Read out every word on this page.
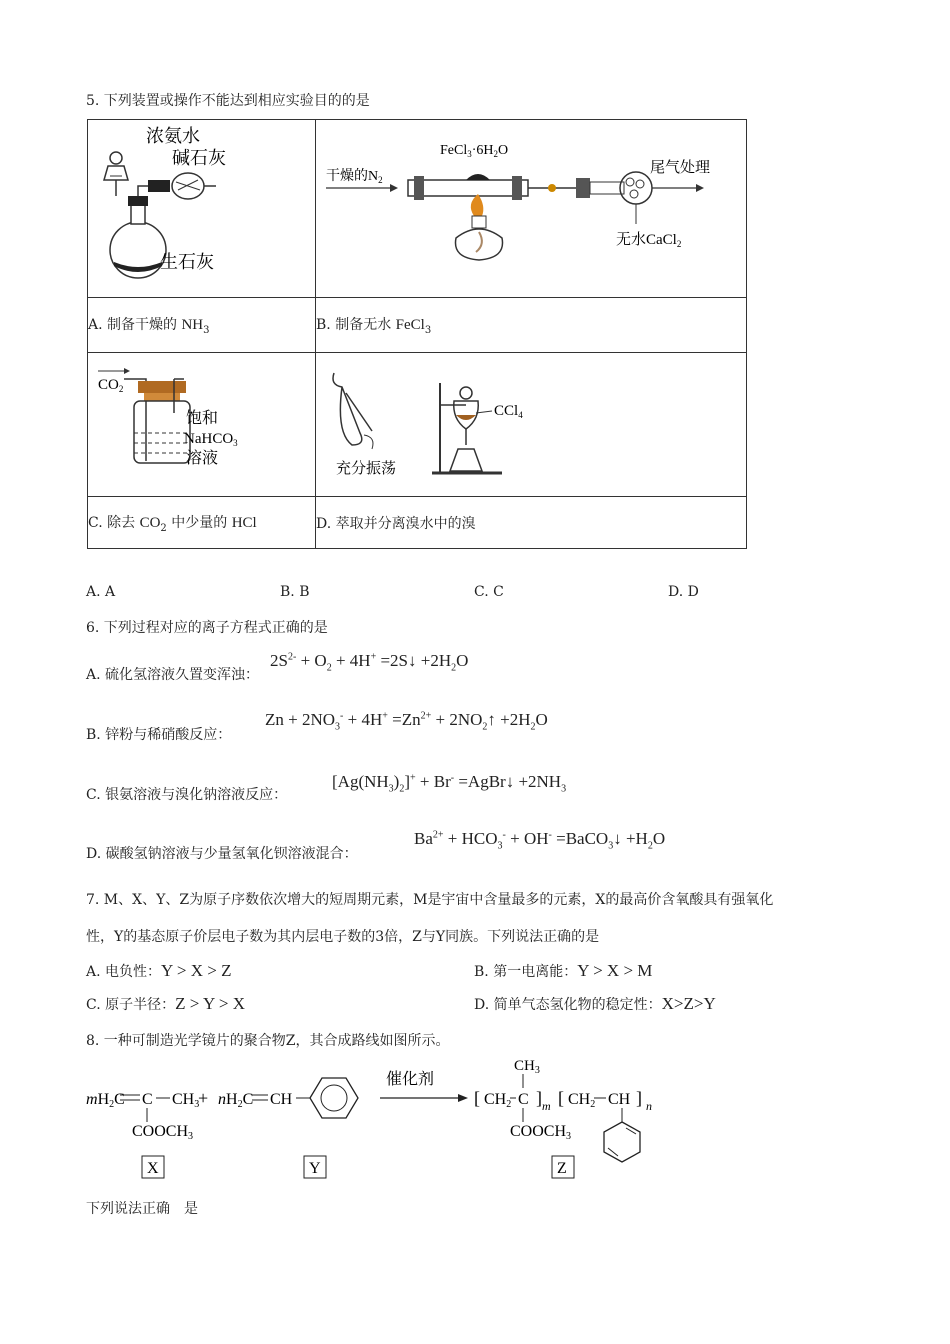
5. 下列装置或操作不能达到相应实验目的的是
浓氨水
碱石灰
生石灰	$FeCl_3\cdot 6H_2O$
干燥的$N_2$
尾气处理
无水CaCl$_2$

A. 制备干燥的 $NH_3$	B. 制备无水 FeCl$_3$

$CO_2$
饱和
NaHCO$_3$
溶液	充分振荡
CCl$_4$

C. 除去 $CO_2$ 中少量的 HCl	D. 萃取并分离溴水中的溴
A. A	B. B	C. C	D. D
6. 下列过程对应的离子方程式正确的是
A. 硫化氢溶液久置变浑浊：
$2S^{2-} + O_2 + 4H^+$ =2S↓ $+2H_2O$
B. 锌粉与稀硝酸反应：
$Zn + 2NO_3^- + 4H^+ =Zn^{2+}$ + $2NO_2↑ +2H_2O$
C. 银氨溶液与溴化钠溶液反应：
$[Ag(NH_3)_2]^+ + Br^-$ =AgBr↓ $+2NH_3$
D. 碳酸氢钠溶液与少量氢氧化钡溶液混合：
$Ba^{2+} + HCO_3^- + OH^-$ =BaCO$_3$↓ $+H_2O$
7. M、X、Y、Z为原子序数依次增大的短周期元素，M是宇宙中含量最多的元素，X的最高价含氧酸具有强氧化
性，Y的基态原子价层电子数为其内层电子数的3倍，Z与Y同族。下列说法正确的是
A. 电负性：Y > X > Z	B. 第一电离能：Y > X > M
C. 原子半径：Z > Y > X	D. 简单气态氢化物的稳定性：X>Z>Y
8. 一种可制造光学镜片的聚合物Z，其合成路线如图所示。
mH2C C CH3
+
COOCH3
nH2C CH
催化剂
[ CH2 C
$CH_3$
COOCH3
] m [ CH2 CH ] n
X	Y	Z
下列说法正确　是
